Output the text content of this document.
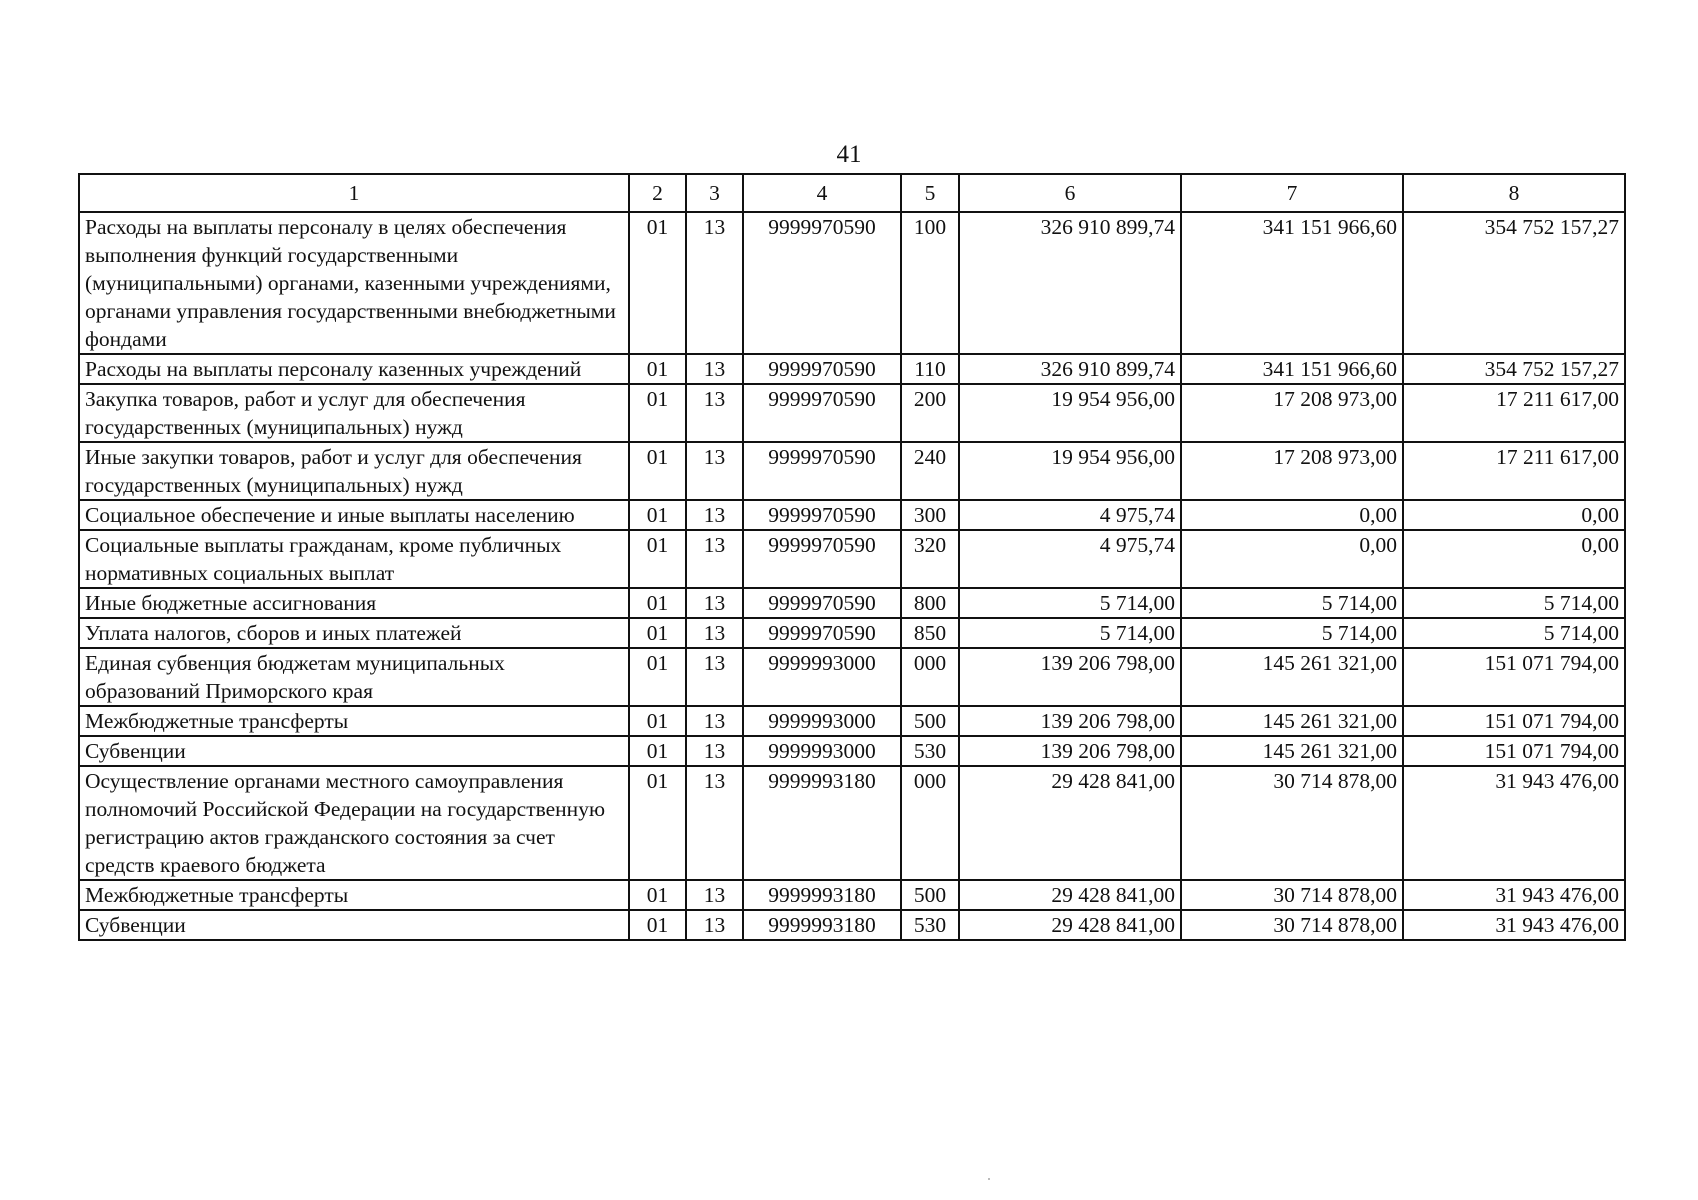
41
1	2	3	4	5	6	7	8
Расходы на выплаты персоналу в целях обеспечения выполнения функций государственными (муниципальными) органами, казенными учреждениями, органами управления государственными внебюджетными фондами	01	13	9999970590	100	326 910 899,74	341 151 966,60	354 752 157,27
Расходы на выплаты персоналу казенных учреждений	01	13	9999970590	110	326 910 899,74	341 151 966,60	354 752 157,27
Закупка товаров, работ и услуг для обеспечения государственных (муниципальных) нужд	01	13	9999970590	200	19 954 956,00	17 208 973,00	17 211 617,00
Иные закупки товаров, работ и услуг для обеспечения государственных (муниципальных) нужд	01	13	9999970590	240	19 954 956,00	17 208 973,00	17 211 617,00
Социальное обеспечение и иные выплаты населению	01	13	9999970590	300	4 975,74	0,00	0,00
Социальные выплаты гражданам, кроме публичных нормативных социальных выплат	01	13	9999970590	320	4 975,74	0,00	0,00
Иные бюджетные ассигнования	01	13	9999970590	800	5 714,00	5 714,00	5 714,00
Уплата налогов, сборов и иных платежей	01	13	9999970590	850	5 714,00	5 714,00	5 714,00
Единая субвенция бюджетам муниципальных образований Приморского края	01	13	9999993000	000	139 206 798,00	145 261 321,00	151 071 794,00
Межбюджетные трансферты	01	13	9999993000	500	139 206 798,00	145 261 321,00	151 071 794,00
Субвенции	01	13	9999993000	530	139 206 798,00	145 261 321,00	151 071 794,00
Осуществление органами местного самоуправления полномочий Российской Федерации на государственную регистрацию актов гражданского состояния за счет средств краевого бюджета	01	13	9999993180	000	29 428 841,00	30 714 878,00	31 943 476,00
Межбюджетные трансферты	01	13	9999993180	500	29 428 841,00	30 714 878,00	31 943 476,00
Субвенции	01	13	9999993180	530	29 428 841,00	30 714 878,00	31 943 476,00
